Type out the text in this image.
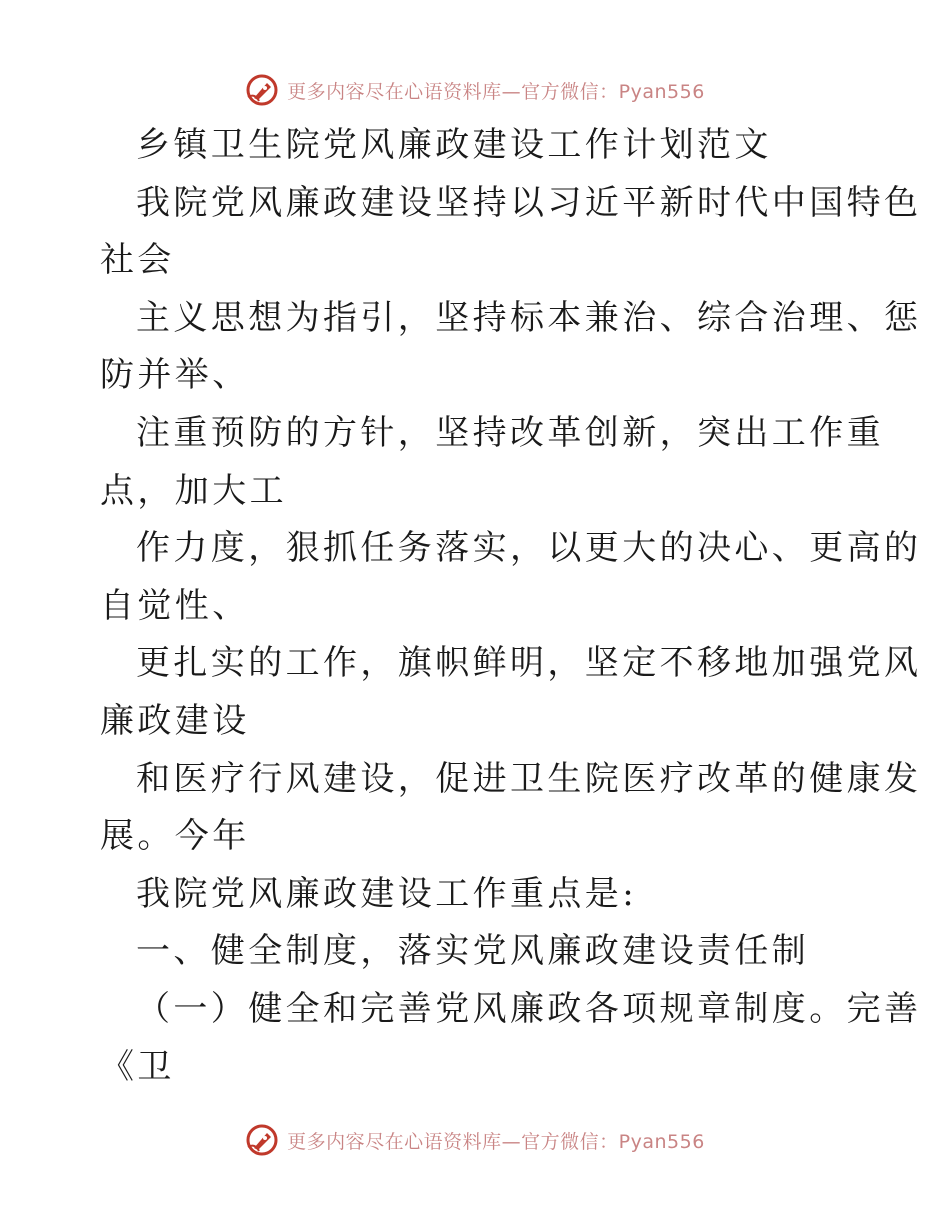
更多内容尽在心语资料库—官方微信：Pyan556
乡镇卫生院党风廉政建设工作计划范文
我院党风廉政建设坚持以习近平新时代中国特色
社会
主义思想为指引，坚持标本兼治、综合治理、惩
防并举、
注重预防的方针，坚持改革创新，突出工作重
点，加大工
作力度，狠抓任务落实，以更大的决心、更高的
自觉性、
更扎实的工作，旗帜鲜明，坚定不移地加强党风
廉政建设
和医疗行风建设，促进卫生院医疗改革的健康发
展。今年
我院党风廉政建设工作重点是:
一、健全制度，落实党风廉政建设责任制
（一）健全和完善党风廉政各项规章制度。完善
《卫
更多内容尽在心语资料库—官方微信：Pyan556
